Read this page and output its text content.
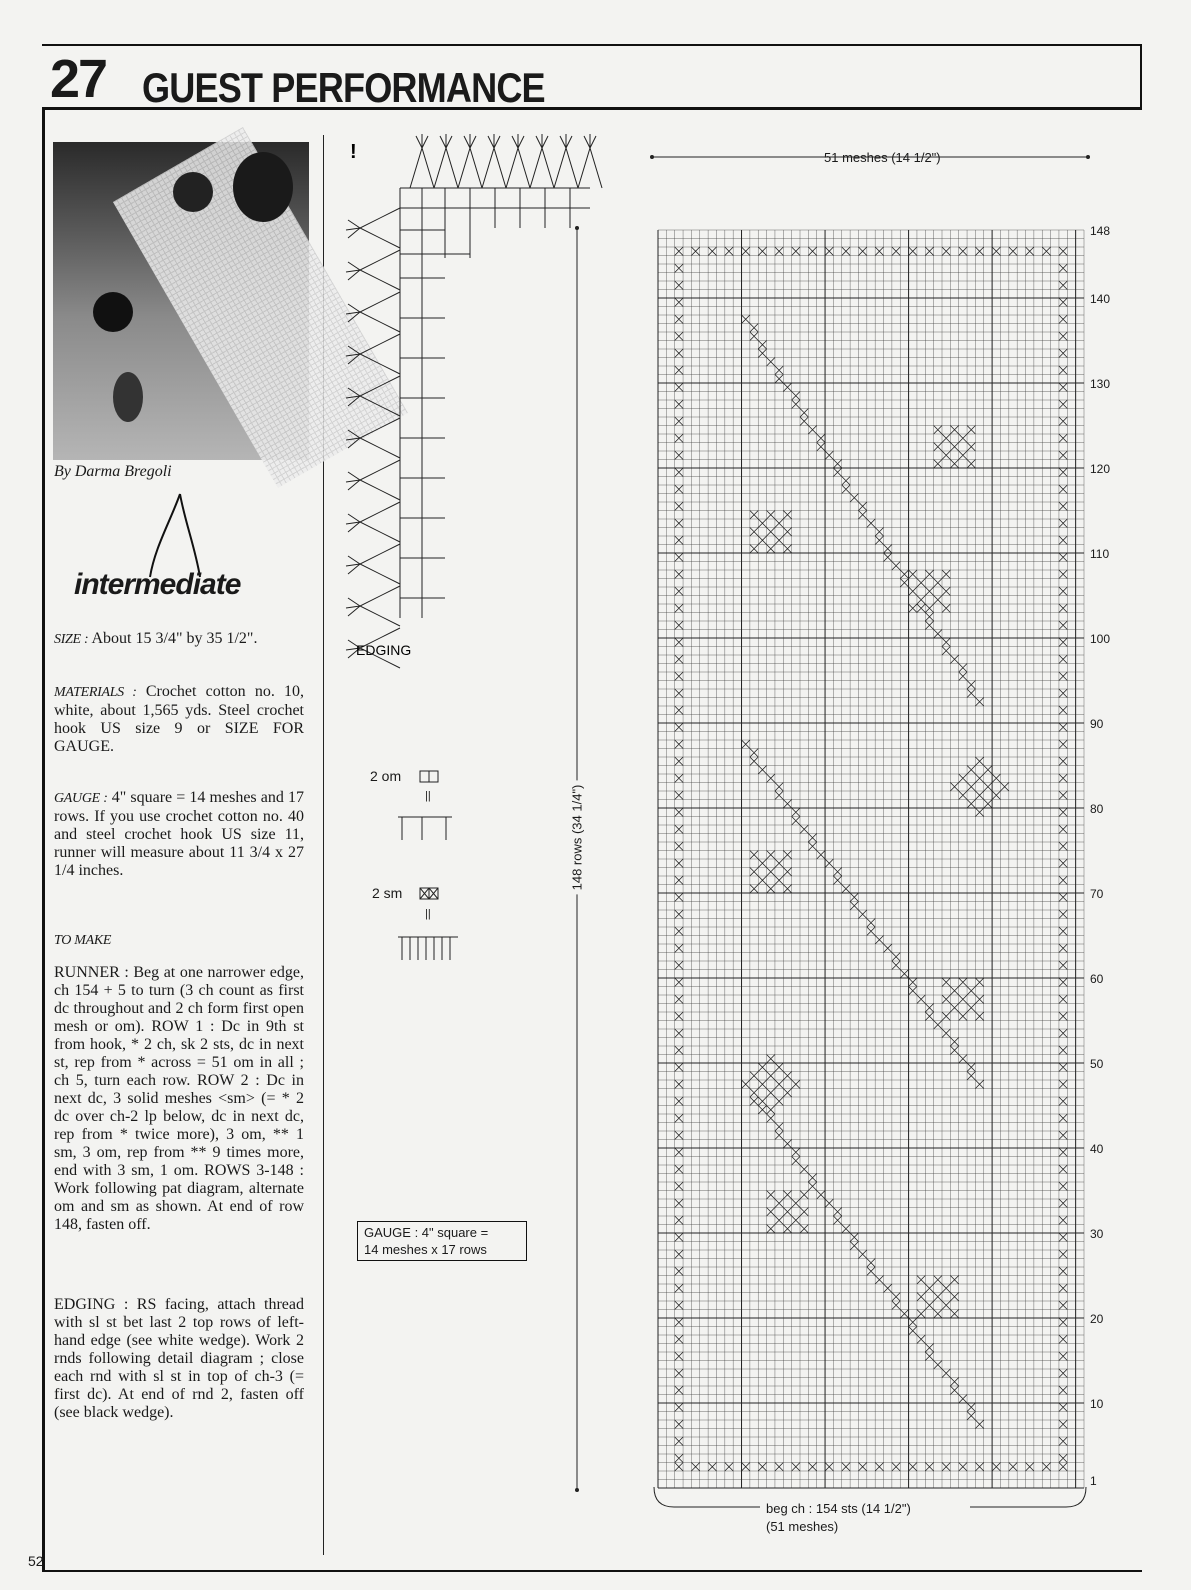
27 GUEST PERFORMANCE
By Darma Bregoli
intermediate
SIZE : About 15 3/4" by 35 1/2".
MATERIALS : Crochet cotton no. 10, white, about 1,565 yds. Steel crochet hook US size 9 or SIZE FOR GAUGE.
GAUGE : 4" square = 14 meshes and 17 rows. If you use crochet cotton no. 40 and steel crochet hook US size 11, runner will measure about 11 3/4 x 27 1/4 inches.
TO MAKE
RUNNER : Beg at one narrower edge, ch 154 + 5 to turn (3 ch count as first dc throughout and 2 ch form first open mesh or om). ROW 1 : Dc in 9th st from hook, * 2 ch, sk 2 sts, dc in next st, rep from * across = 51 om in all ; ch 5, turn each row. ROW 2 : Dc in next dc, 3 solid meshes <sm> (= * 2 dc over ch-2 lp below, dc in next dc, rep from * twice more), 3 om, ** 1 sm, 3 om, rep from ** 9 times more, end with 3 sm, 1 om. ROWS 3-148 : Work following pat diagram, alternate om and sm as shown. At end of row 148, fasten off.
EDGING : RS facing, attach thread with sl st bet last 2 top rows of left-hand edge (see white wedge). Work 2 rnds following detail diagram ; close each rnd with sl st in top of ch-3 (= first dc). At end of rnd 2, fasten off (see black wedge).
!
EDGING
2 om
||
2 sm
||
GAUGE : 4" square =
14 meshes x 17 rows
51 meshes (14 1/2")
148 rows (34 1/4")
beg ch : 154 sts (14 1/2")
(51 meshes)
148
140
130
120
110
100
90
80
70
60
50
40
30
20
10
1
52
